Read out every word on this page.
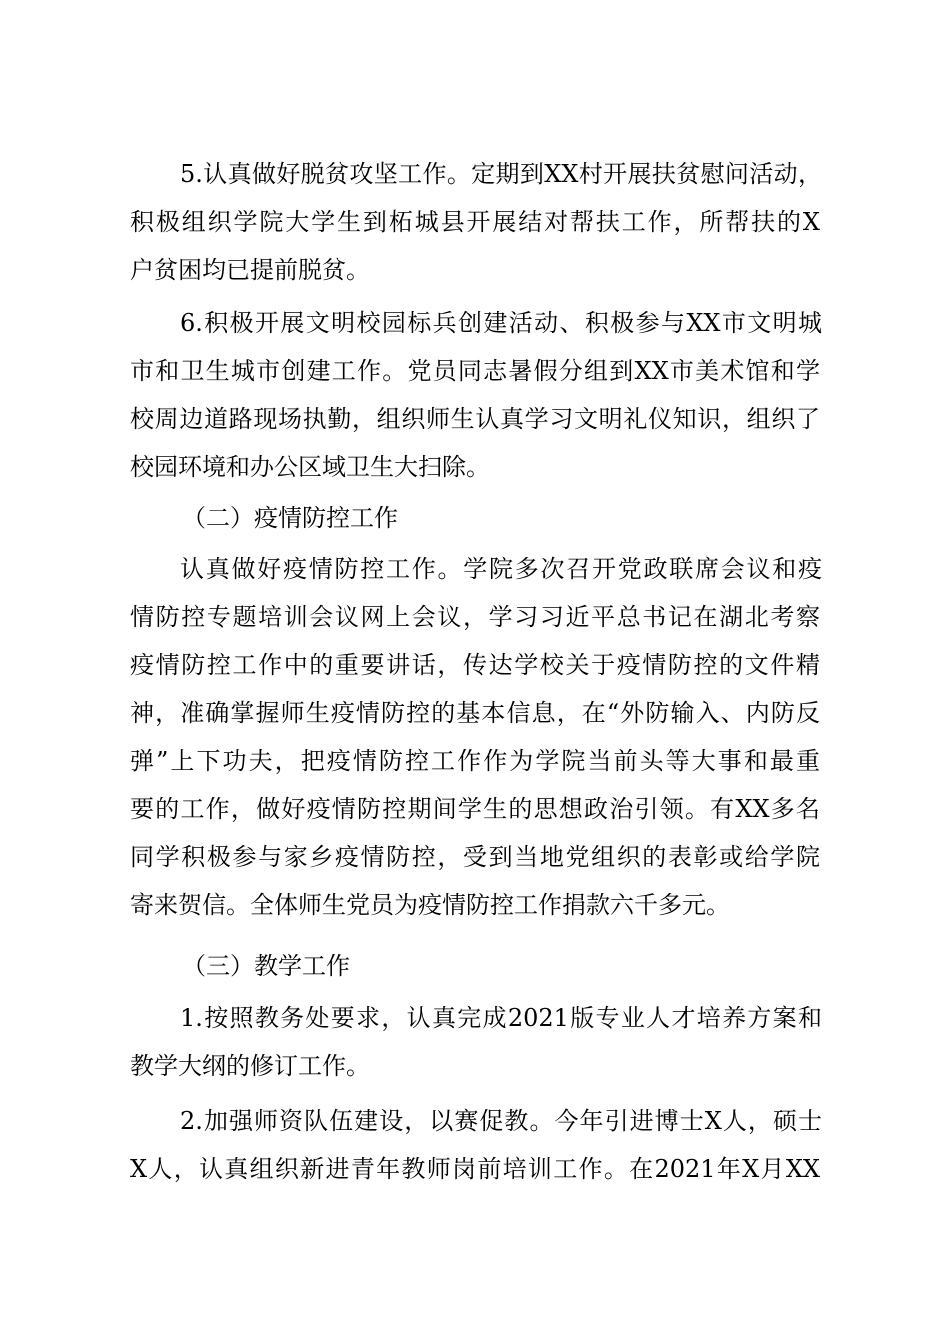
5.认真做好脱贫攻坚工作。定期到XX村开展扶贫慰问活动，
积极组织学院大学生到柘城县开展结对帮扶工作，所帮扶的X
户贫困均已提前脱贫。
6.积极开展文明校园标兵创建活动、积极参与XX市文明城
市和卫生城市创建工作。党员同志暑假分组到XX市美术馆和学
校周边道路现场执勤，组织师生认真学习文明礼仪知识，组织了
校园环境和办公区域卫生大扫除。
（二）疫情防控工作
认真做好疫情防控工作。学院多次召开党政联席会议和疫
情防控专题培训会议网上会议，学习习近平总书记在湖北考察
疫情防控工作中的重要讲话，传达学校关于疫情防控的文件精
神，准确掌握师生疫情防控的基本信息，在“外防输入、内防反
弹”上下功夫，把疫情防控工作作为学院当前头等大事和最重
要的工作，做好疫情防控期间学生的思想政治引领。有XX多名
同学积极参与家乡疫情防控，受到当地党组织的表彰或给学院
寄来贺信。全体师生党员为疫情防控工作捐款六千多元。
（三）教学工作
1.按照教务处要求，认真完成2021版专业人才培养方案和
教学大纲的修订工作。
2.加强师资队伍建设，以赛促教。今年引进博士X人，硕士
X人，认真组织新进青年教师岗前培训工作。在2021年X月XX
